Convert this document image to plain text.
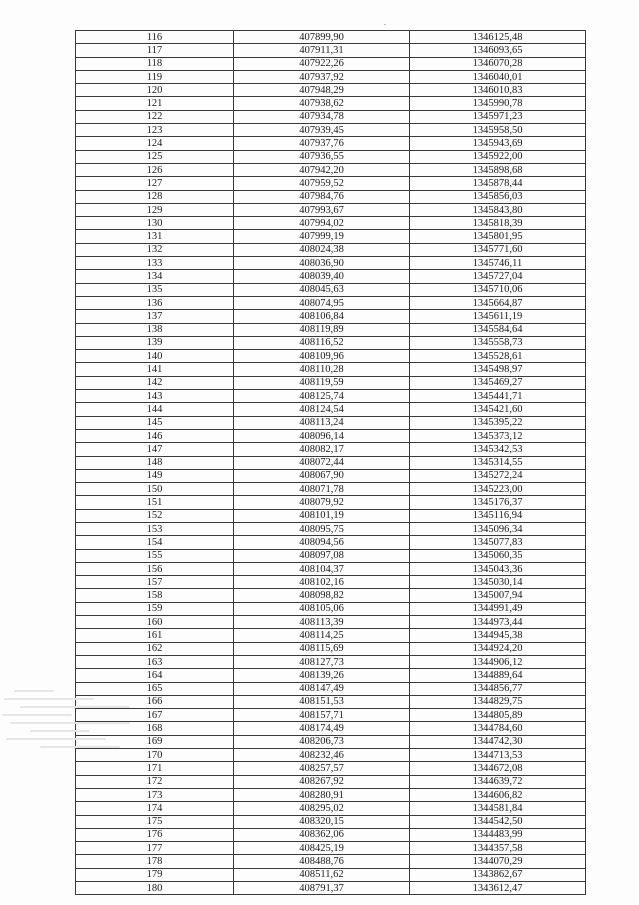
116	407899,90	1346125,48
117	407911,31	1346093,65
118	407922,26	1346070,28
119	407937,92	1346040,01
120	407948,29	1346010,83
121	407938,62	1345990,78
122	407934,78	1345971,23
123	407939,45	1345958,50
124	407937,76	1345943,69
125	407936,55	1345922,00
126	407942,20	1345898,68
127	407959,52	1345878,44
128	407984,76	1345856,03
129	407993,67	1345843,80
130	407994,02	1345818,39
131	407999,19	1345801,95
132	408024,38	1345771,60
133	408036,90	1345746,11
134	408039,40	1345727,04
135	408045,63	1345710,06
136	408074,95	1345664,87
137	408106,84	1345611,19
138	408119,89	1345584,64
139	408116,52	1345558,73
140	408109,96	1345528,61
141	408110,28	1345498,97
142	408119,59	1345469,27
143	408125,74	1345441,71
144	408124,54	1345421,60
145	408113,24	1345395,22
146	408096,14	1345373,12
147	408082,17	1345342,53
148	408072,44	1345314,55
149	408067,90	1345272,24
150	408071,78	1345223,00
151	408079,92	1345176,37
152	408101,19	1345116,94
153	408095,75	1345096,34
154	408094,56	1345077,83
155	408097,08	1345060,35
156	408104,37	1345043,36
157	408102,16	1345030,14
158	408098,82	1345007,94
159	408105,06	1344991,49
160	408113,39	1344973,44
161	408114,25	1344945,38
162	408115,69	1344924,20
163	408127,73	1344906,12
164	408139,26	1344889,64
165	408147,49	1344856,77
166	408151,53	1344829,75
167	408157,71	1344805,89
168	408174,49	1344784,60
169	408206,73	1344742,30
170	408232,46	1344713,53
171	408257,57	1344672,08
172	408267,92	1344639,72
173	408280,91	1344606,82
174	408295,02	1344581,84
175	408320,15	1344542,50
176	408362,06	1344483,99
177	408425,19	1344357,58
178	408488,76	1344070,29
179	408511,62	1343862,67
180	408791,37	1343612,47
